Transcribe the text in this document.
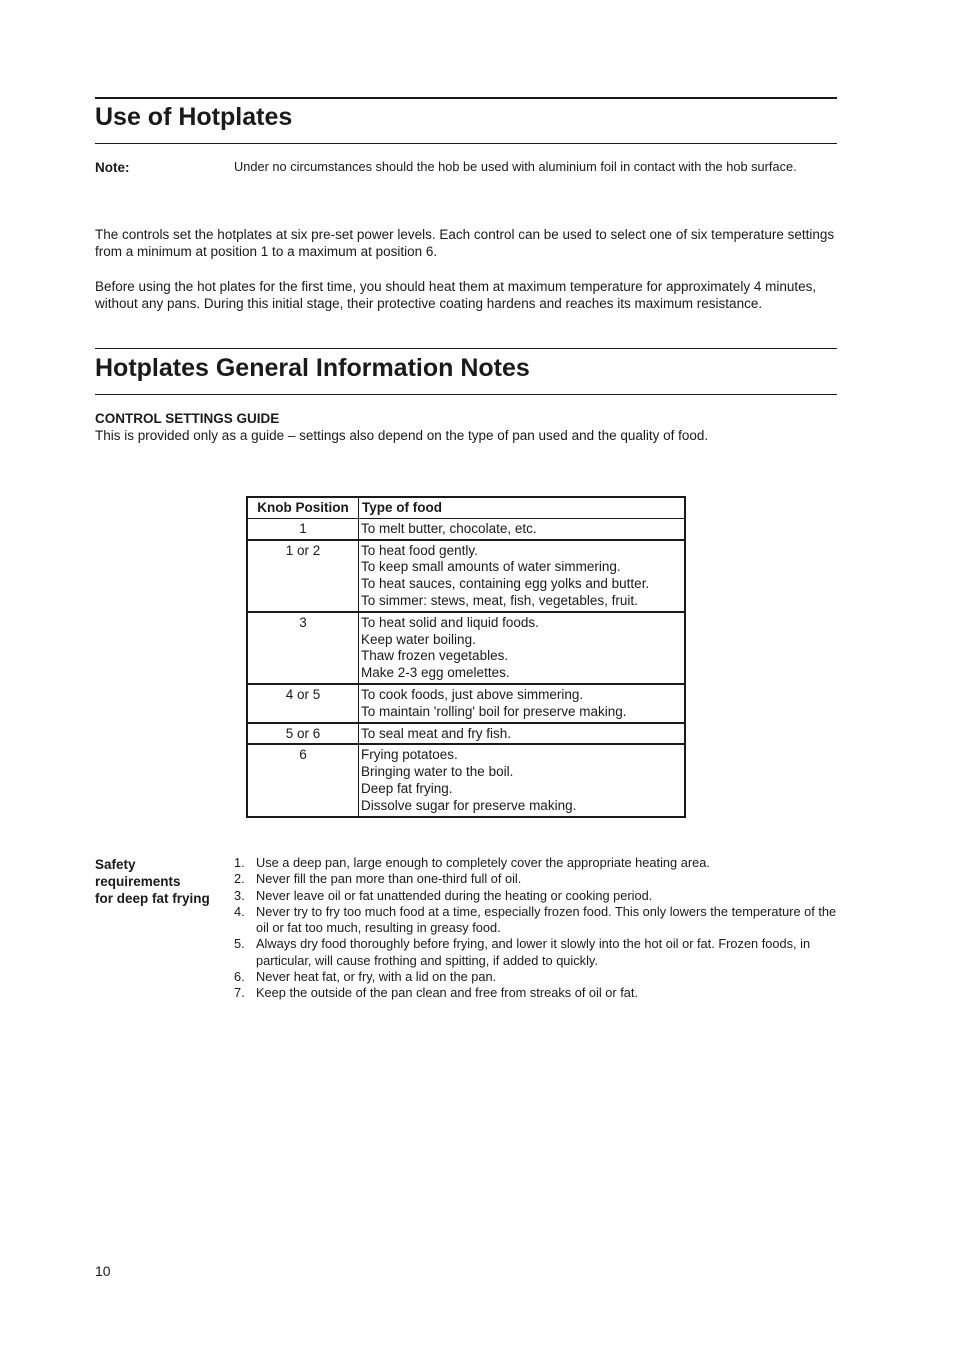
Use of Hotplates
Note:	Under no circumstances should the hob be used with aluminium foil in contact with the hob surface.

The controls set the hotplates at six pre-set power levels. Each control can be used to select one of six temperature settings from a minimum at position 1 to a maximum at position 6.

Before using the hot plates for the first time, you should heat them at maximum temperature for approximately 4 minutes, without any pans. During this initial stage, their protective coating hardens and reaches its maximum resistance.

Hotplates General Information Notes
CONTROL SETTINGS GUIDE
This is provided only as a guide – settings also depend on the type of pan used and the quality of food.
Knob Position	Type of food
1	To melt butter, chocolate, etc.

1 or 2	To heat food gently.
To keep small amounts of water simmering.
To heat sauces, containing egg yolks and butter.
To simmer: stews, meat, fish, vegetables, fruit.

3	To heat solid and liquid foods.
Keep water boiling.
Thaw frozen vegetables.
Make 2-3 egg omelettes.

4 or 5	To cook foods, just above simmering.
To maintain 'rolling' boil for preserve making.

5 or 6	To seal meat and fry fish.

6	Frying potatoes.
Bringing water to the boil.
Deep fat frying.
Dissolve sugar for preserve making.
Safety
requirements
for deep fat frying
1. Use a deep pan, large enough to completely cover the appropriate heating area.
2. Never fill the pan more than one-third full of oil.
3. Never leave oil or fat unattended during the heating or cooking period.
4. Never try to fry too much food at a time, especially frozen food. This only lowers the temperature of the oil or fat too much, resulting in greasy food.
5. Always dry food thoroughly before frying, and lower it slowly into the hot oil or fat. Frozen foods, in particular, will cause frothing and spitting, if added to quickly.
6. Never heat fat, or fry, with a lid on the pan.
7. Keep the outside of the pan clean and free from streaks of oil or fat.
10
